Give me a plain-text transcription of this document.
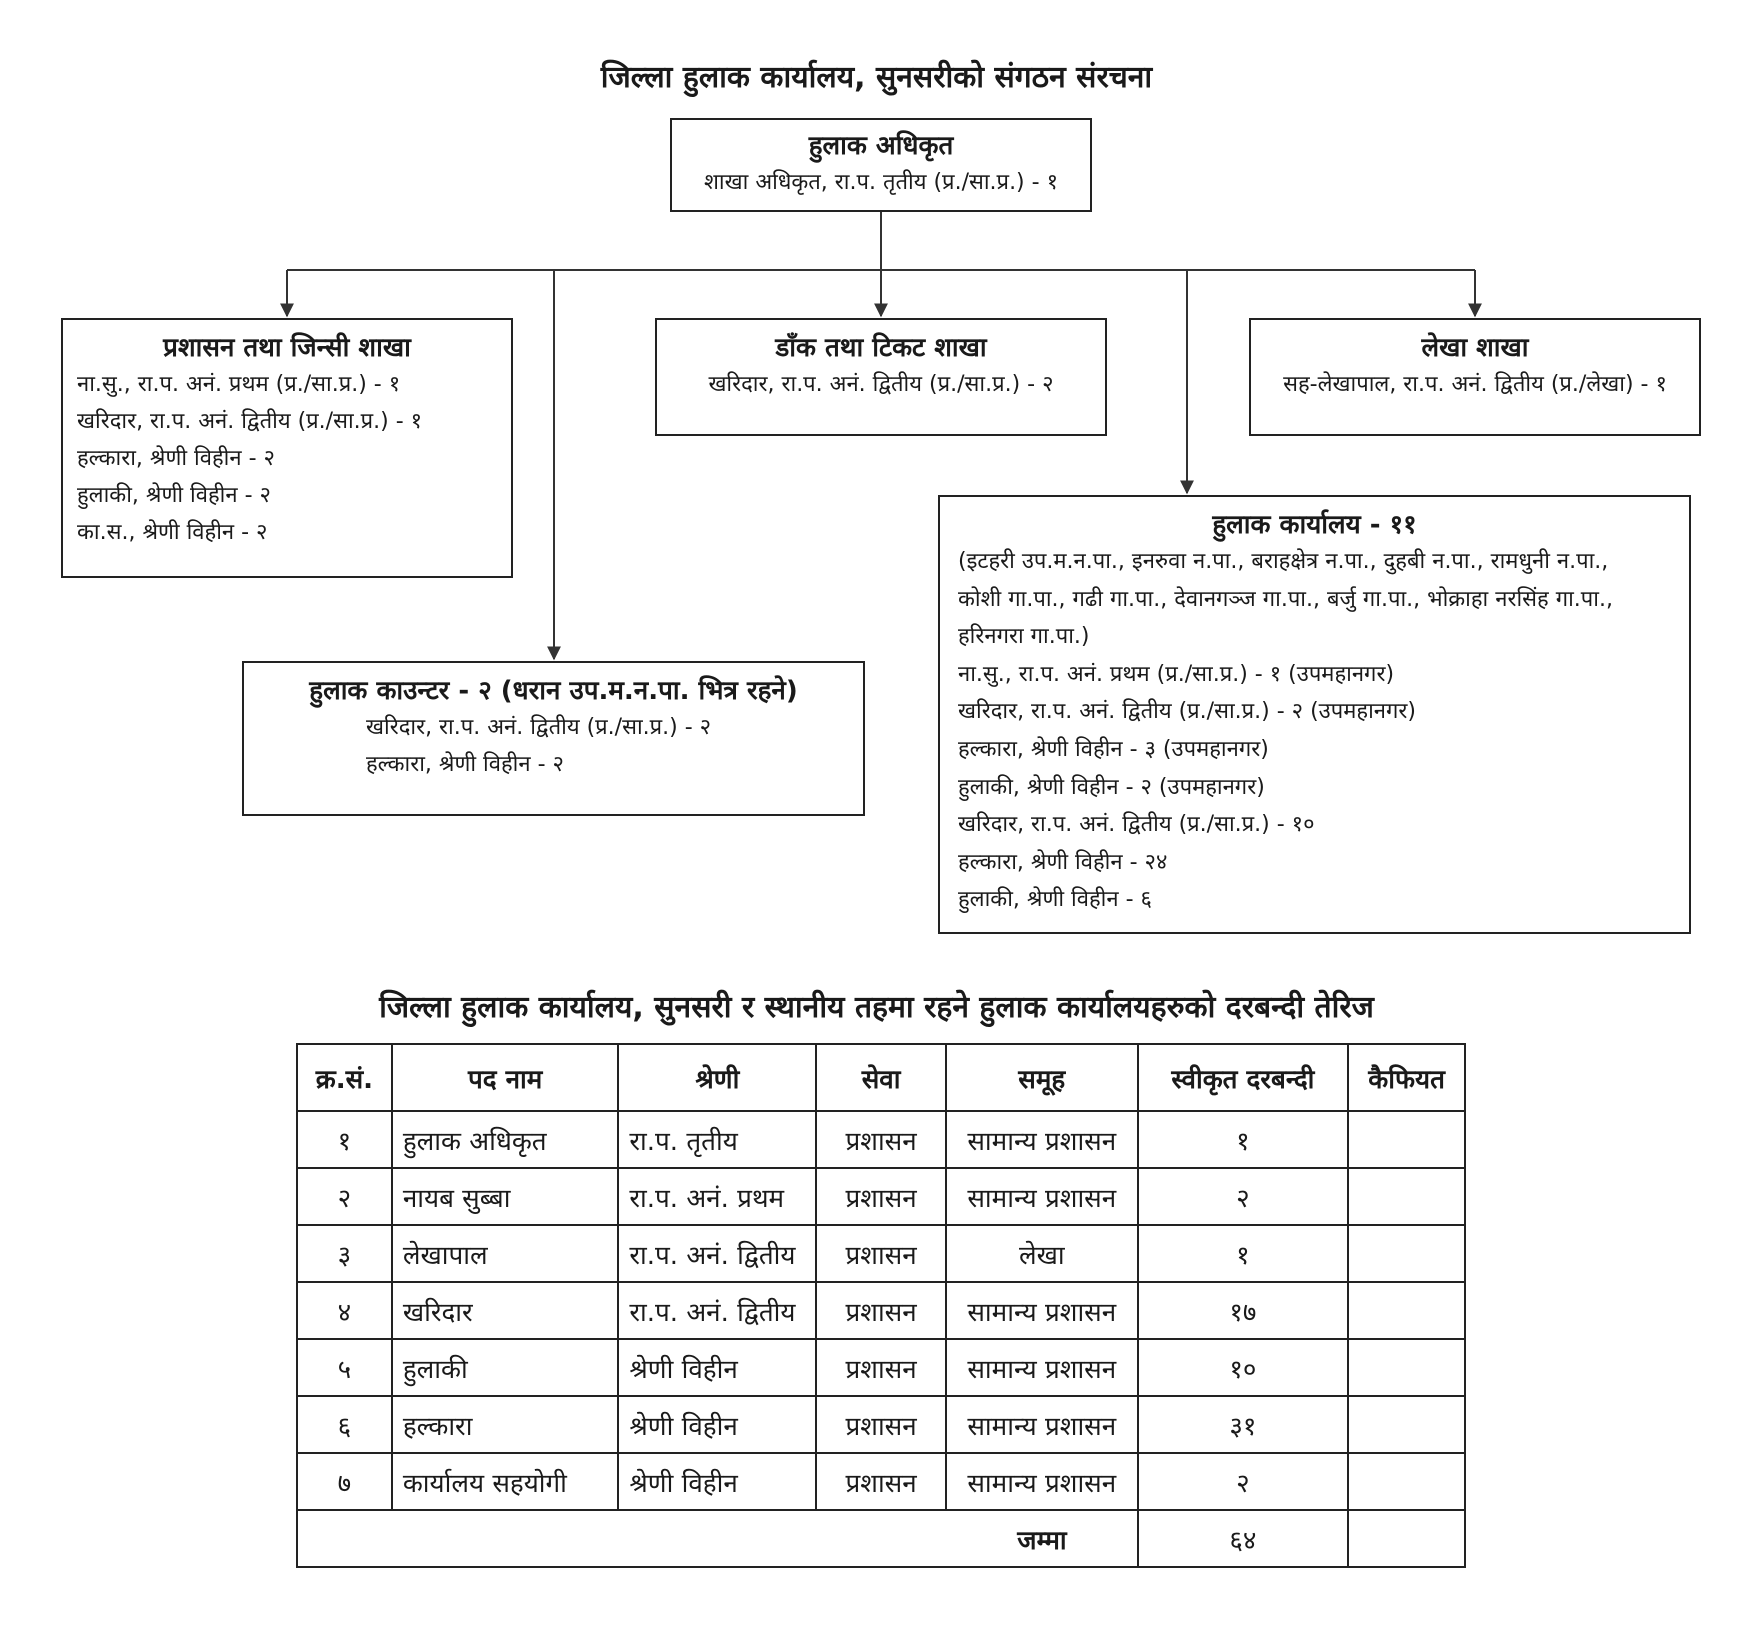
जिल्ला हुलाक कार्यालय, सुनसरीको संगठन संरचना
हुलाक अधिकृत
शाखा अधिकृत, रा.प. तृतीय (प्र./सा.प्र.) - १
प्रशासन तथा जिन्सी शाखा
ना.सु., रा.प. अनं. प्रथम (प्र./सा.प्र.) - १
खरिदार, रा.प. अनं. द्वितीय (प्र./सा.प्र.) - १
हल्कारा, श्रेणी विहीन - २
हुलाकी, श्रेणी विहीन - २
का.स., श्रेणी विहीन - २
डाँक तथा टिकट शाखा
खरिदार, रा.प. अनं. द्वितीय (प्र./सा.प्र.) - २
लेखा शाखा
सह-लेखापाल, रा.प. अनं. द्वितीय (प्र./लेखा) - १
हुलाक काउन्टर - २ (धरान उप.म.न.पा. भित्र रहने)
खरिदार, रा.प. अनं. द्वितीय (प्र./सा.प्र.) - २
हल्कारा, श्रेणी विहीन - २
हुलाक कार्यालय - ११
(इटहरी उप.म.न.पा., इनरुवा न.पा., बराहक्षेत्र न.पा., दुहबी न.पा., रामधुनी न.पा.,
कोशी गा.पा., गढी गा.पा., देवानगञ्ज गा.पा., बर्जु गा.पा., भोक्राहा नरसिंह गा.पा.,
हरिनगरा गा.पा.)
ना.सु., रा.प. अनं. प्रथम (प्र./सा.प्र.) - १ (उपमहानगर)
खरिदार, रा.प. अनं. द्वितीय (प्र./सा.प्र.) - २ (उपमहानगर)
हल्कारा, श्रेणी विहीन - ३ (उपमहानगर)
हुलाकी, श्रेणी विहीन - २ (उपमहानगर)
खरिदार, रा.प. अनं. द्वितीय (प्र./सा.प्र.) - १०
हल्कारा, श्रेणी विहीन - २४
हुलाकी, श्रेणी विहीन - ६
जिल्ला हुलाक कार्यालय, सुनसरी र स्थानीय तहमा रहने हुलाक कार्यालयहरुको दरबन्दी तेरिज
क्र.सं.	पद नाम	श्रेणी	सेवा	समूह	स्वीकृत दरबन्दी	कैफियत
१	हुलाक अधिकृत	रा.प. तृतीय	प्रशासन	सामान्य प्रशासन	१	
२	नायब सुब्बा	रा.प. अनं. प्रथम	प्रशासन	सामान्य प्रशासन	२	
३	लेखापाल	रा.प. अनं. द्वितीय	प्रशासन	लेखा	१	
४	खरिदार	रा.प. अनं. द्वितीय	प्रशासन	सामान्य प्रशासन	१७	
५	हुलाकी	श्रेणी विहीन	प्रशासन	सामान्य प्रशासन	१०	
६	हल्कारा	श्रेणी विहीन	प्रशासन	सामान्य प्रशासन	३१	
७	कार्यालय सहयोगी	श्रेणी विहीन	प्रशासन	सामान्य प्रशासन	२	
जम्मा					६४	
